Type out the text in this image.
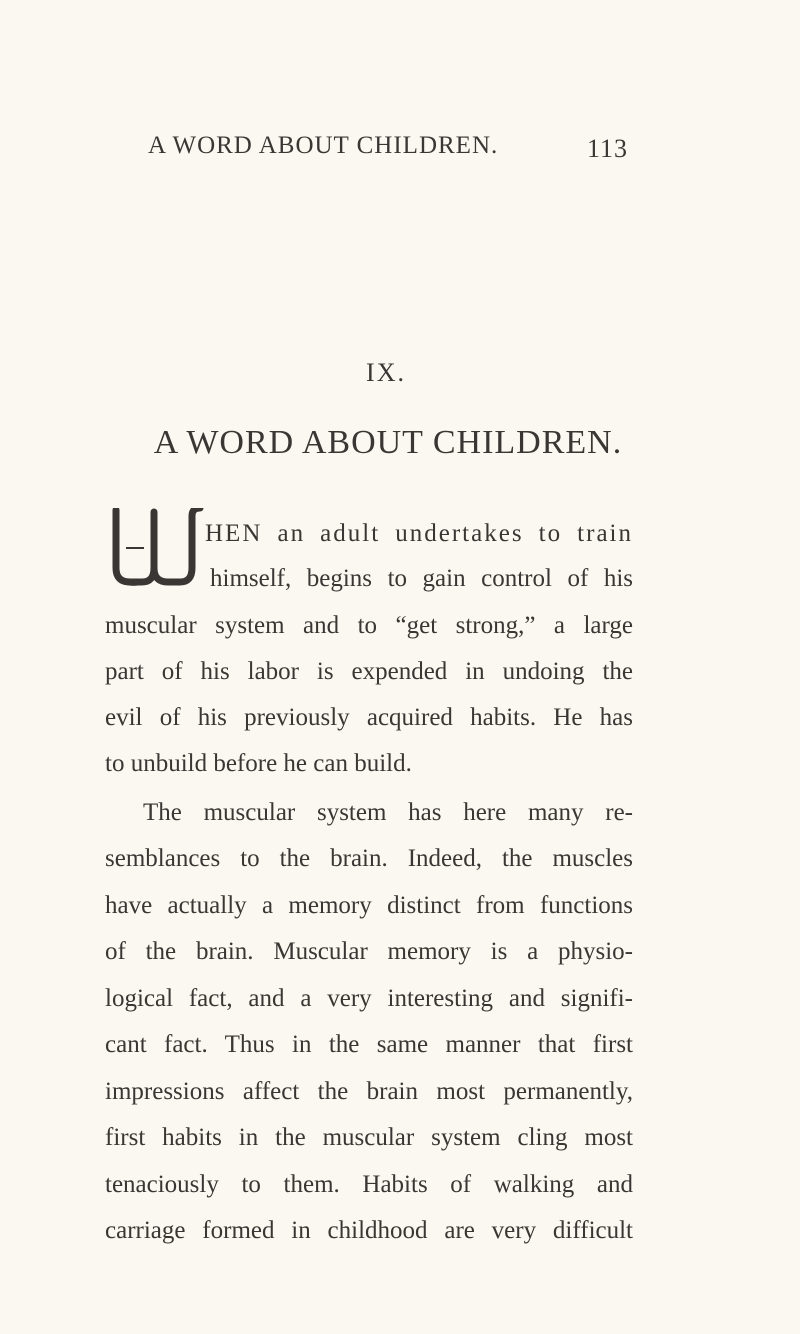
A WORD ABOUT CHILDREN.	113
IX.
A WORD ABOUT CHILDREN.
HEN an adult undertakes to train
himself, begins to gain control of his
muscular system and to “get strong,” a large
part of his labor is expended in undoing the
evil of his previously acquired habits. He has
to unbuild before he can build.
The muscular system has here many re-
semblances to the brain. Indeed, the muscles
have actually a memory distinct from functions
of the brain. Muscular memory is a physio-
logical fact, and a very interesting and signifi-
cant fact. Thus in the same manner that first
impressions affect the brain most permanently,
first habits in the muscular system cling most
tenaciously to them. Habits of walking and
carriage formed in childhood are very difficult
